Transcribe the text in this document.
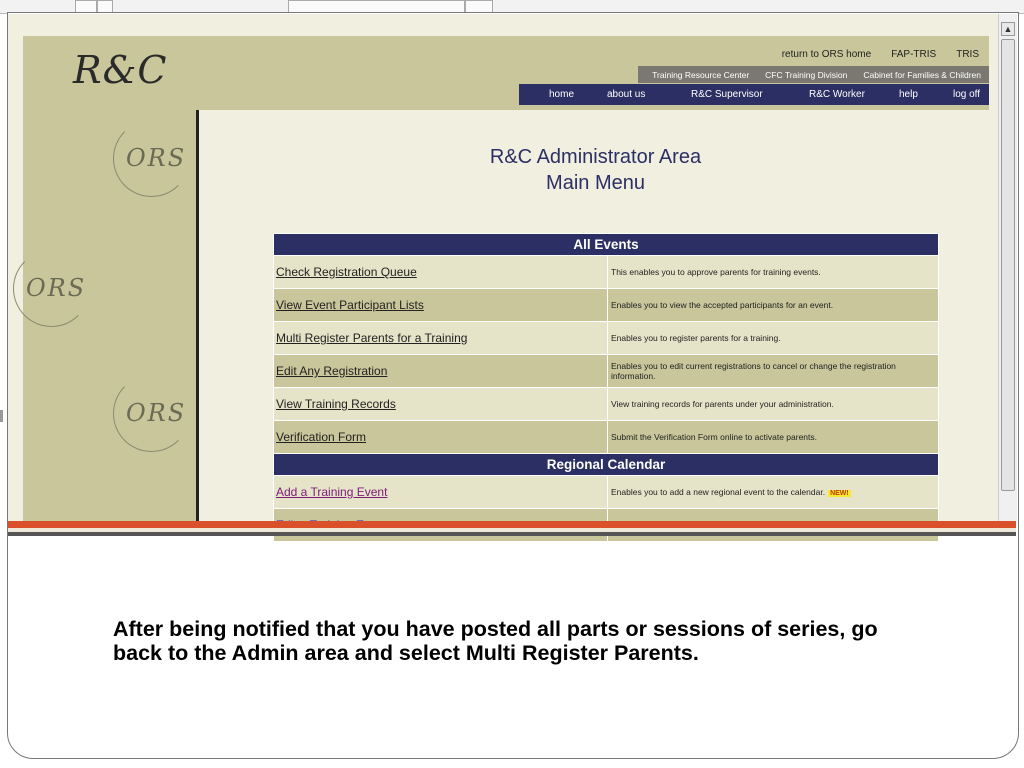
R&C	return to ORS home	FAP-TRIS	TRIS
Training Resource Center	CFC Training Division	Cabinet for Families & Children
home	about us	R&C Supervisor	R&C Worker	help	log off
ORS
ORS
ORS
R&C Administrator Area
Main Menu
All Events	
Check Registration Queue	This enables you to approve parents for training events.
View Event Participant Lists	Enables you to view the accepted participants for an event.
Multi Register Parents for a Training	Enables you to register parents for a training.
Edit Any Registration	Enables you to edit current registrations to cancel or change the registration information.
View Training Records	View training records for parents under your administration.
Verification Form	Submit the Verification Form online to activate parents.
Regional Calendar	
Add a Training Event	Enables you to add a new regional event to the calendar. NEW!

▲
After being notified that you have posted all parts or sessions of series, go back to the Admin area and select Multi Register Parents.
